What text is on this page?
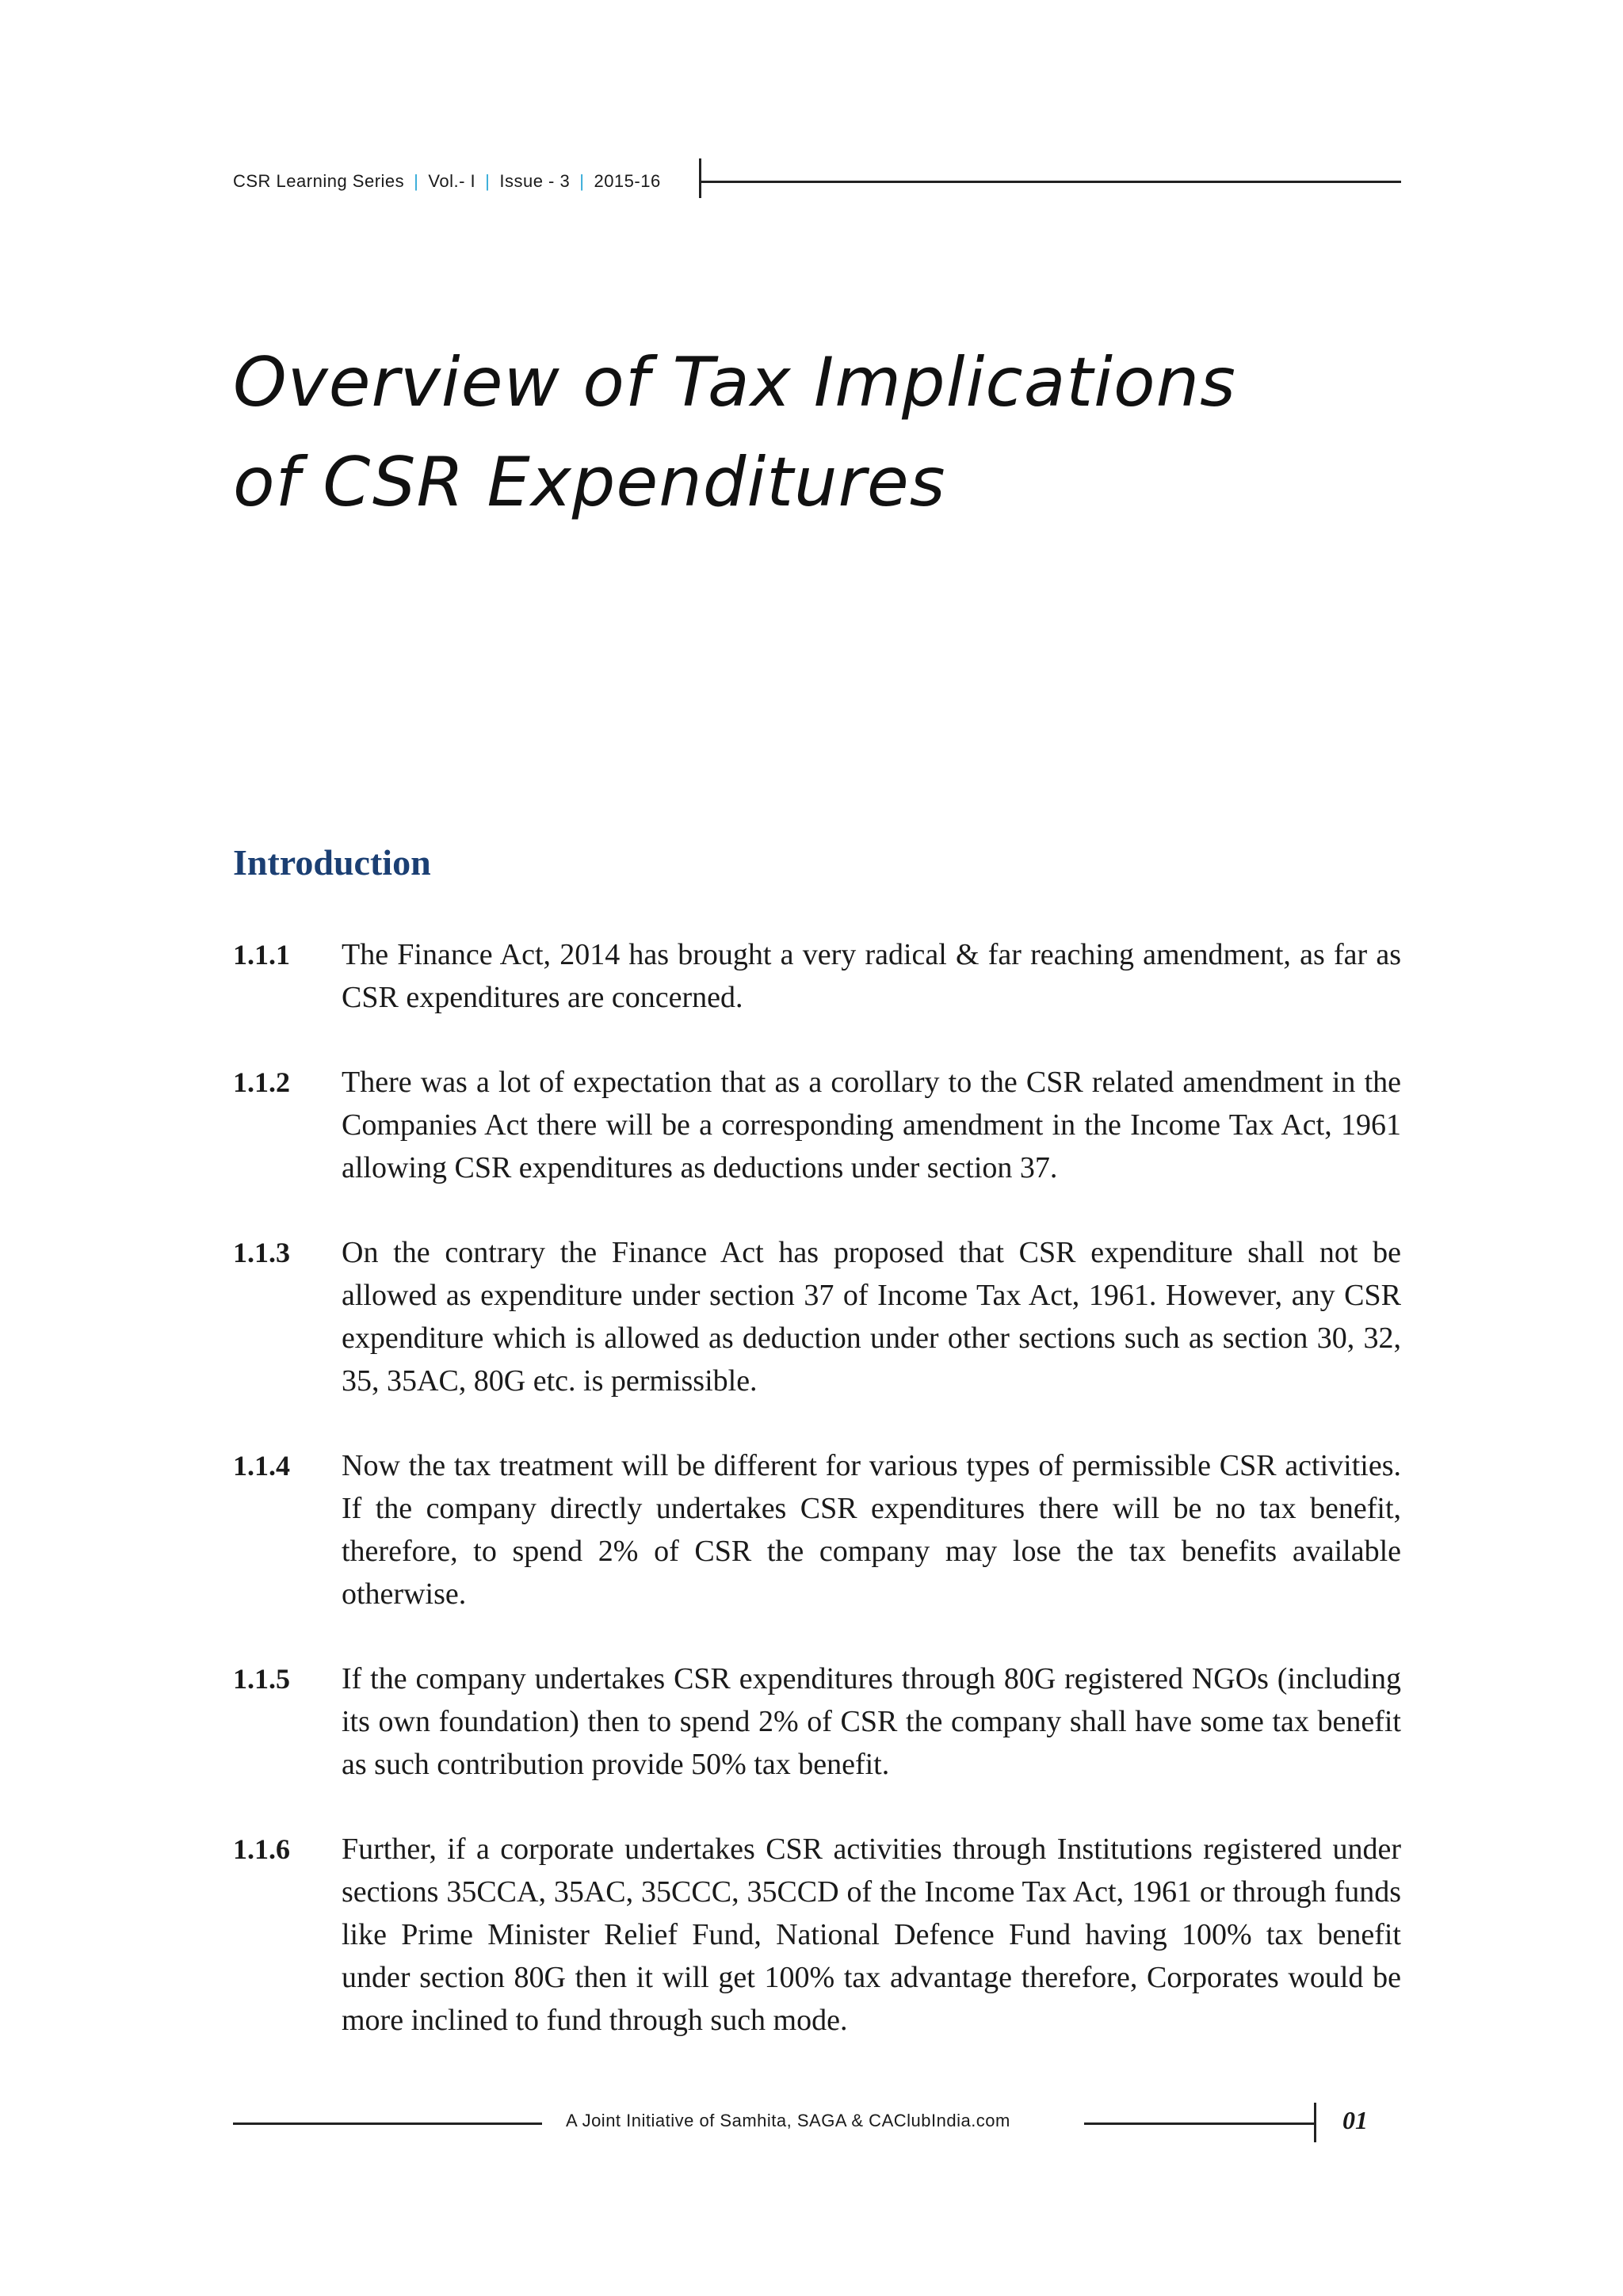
CSR Learning Series | Vol.- I | Issue - 3 | 2015-16
Overview of Tax Implications
of CSR Expenditures
Introduction
1.1.1 The Finance Act, 2014 has brought a very radical & far reaching amendment, as far as CSR expenditures are concerned.
1.1.2 There was a lot of expectation that as a corollary to the CSR related amendment in the Companies Act there will be a corresponding amendment in the Income Tax Act, 1961 allowing CSR expenditures as deductions under section 37.
1.1.3 On the contrary the Finance Act has proposed that CSR expenditure shall not be allowed as expenditure under section 37 of Income Tax Act, 1961. However, any CSR expenditure which is allowed as deduction under other sections such as section 30, 32, 35, 35AC, 80G etc. is permissible.
1.1.4 Now the tax treatment will be different for various types of permissible CSR activities. If the company directly undertakes CSR expenditures there will be no tax benefit, therefore, to spend 2% of CSR the company may lose the tax benefits available otherwise.
1.1.5 If the company undertakes CSR expenditures through 80G registered NGOs (including its own foundation) then to spend 2% of CSR the company shall have some tax benefit as such contribution provide 50% tax benefit.
1.1.6 Further, if a corporate undertakes CSR activities through Institutions registered under sections 35CCA, 35AC, 35CCC, 35CCD of the Income Tax Act, 1961 or through funds like Prime Minister Relief Fund, National Defence Fund having 100% tax benefit under section 80G then it will get 100% tax advantage therefore, Corporates would be more inclined to fund through such mode.
A Joint Initiative of Samhita, SAGA & CAClubIndia.com	01
